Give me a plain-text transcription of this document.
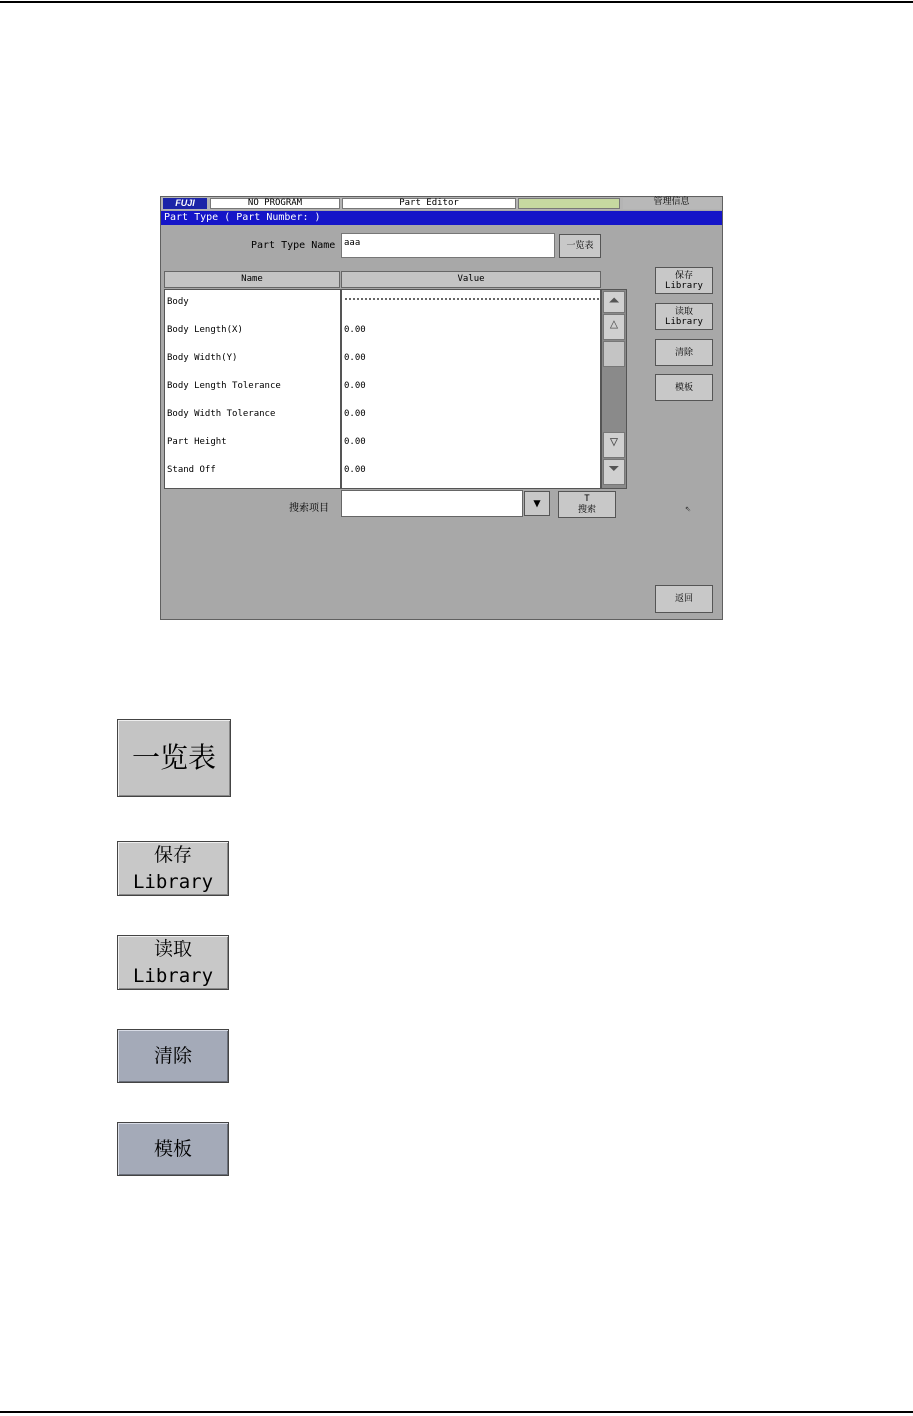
FUJI	NO PROGRAM	Part Editor	管理信息
Part Type ( Part Number: )
Part Type Name aaa	一览表
Name	Value
Body
Body Length(X)	0.00
Body Width(Y)	0.00
Body Length Tolerance	0.00
Body Width Tolerance	0.00
Part Height	0.00
Stand Off	0.00
⏶
△
▽
⏷
保存
Library
读取
Library
清除
模板
搜索项目	▼	T
搜索	⇖
返回
一览表
保存
Library
读取
Library
清除
模板
